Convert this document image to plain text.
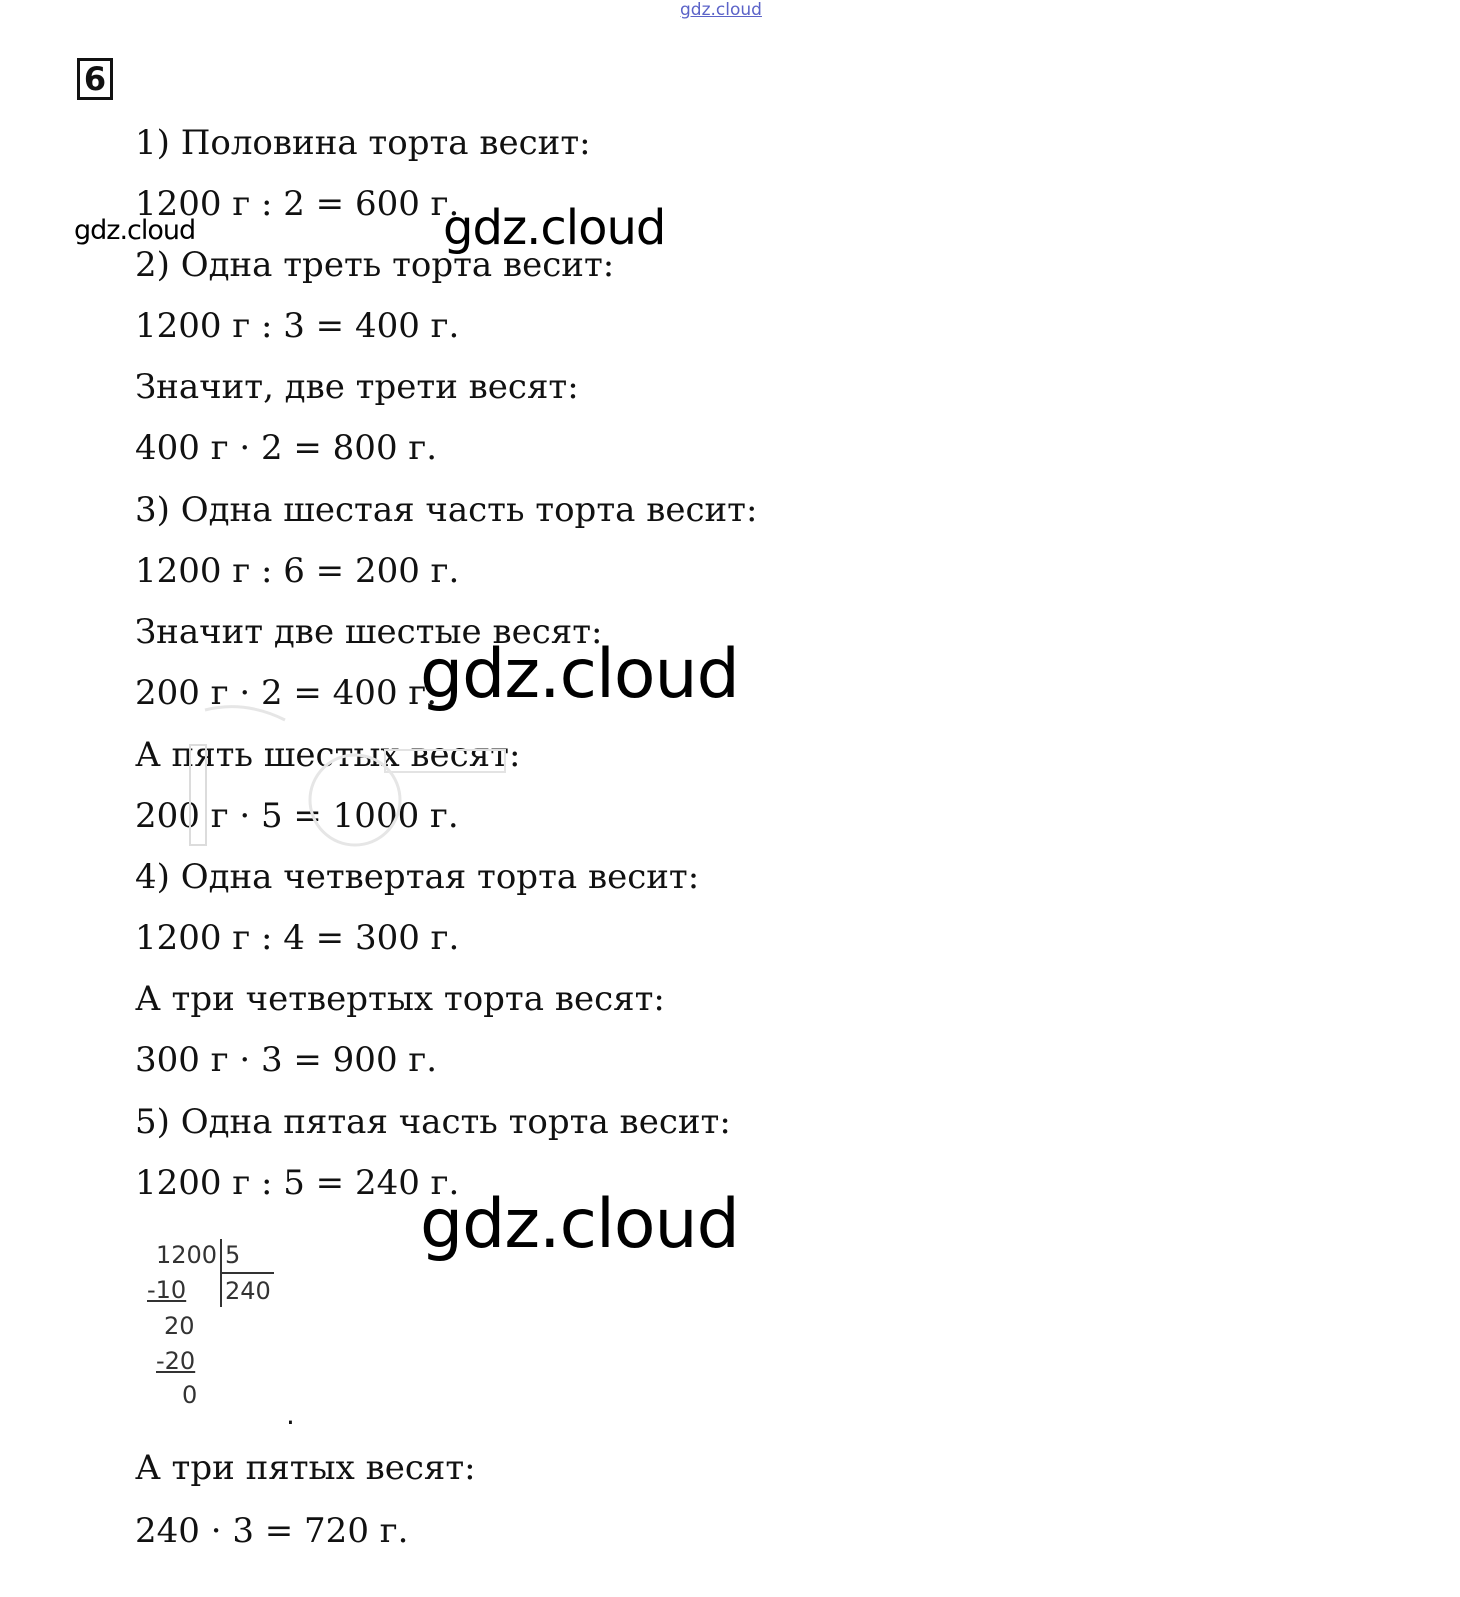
gdz.cloud
6
1) Половина торта весит:
1200 г : 2 = 600 г.
2) Одна треть торта весит:
1200 г : 3 = 400 г.
Значит, две трети весят:
400 г · 2 = 800 г.
3) Одна шестая часть торта весит:
1200 г : 6 = 200 г.
Значит две шестые весят:
200 г · 2 = 400 г.
А пять шестых весят:
200 г · 5 = 1000 г.
4) Одна четвертая торта весит:
1200 г : 4 = 300 г.
А три четвертых торта весят:
300 г · 3 = 900 г.
5) Одна пятая часть торта весит:
1200 г : 5 = 240 г.
А три пятых весят:
240 · 3 = 720 г.
gdz.cloud	gdz.cloud
gdz.cloud
gdz.cloud
1200 5
-10 240
20
-20
0
.
